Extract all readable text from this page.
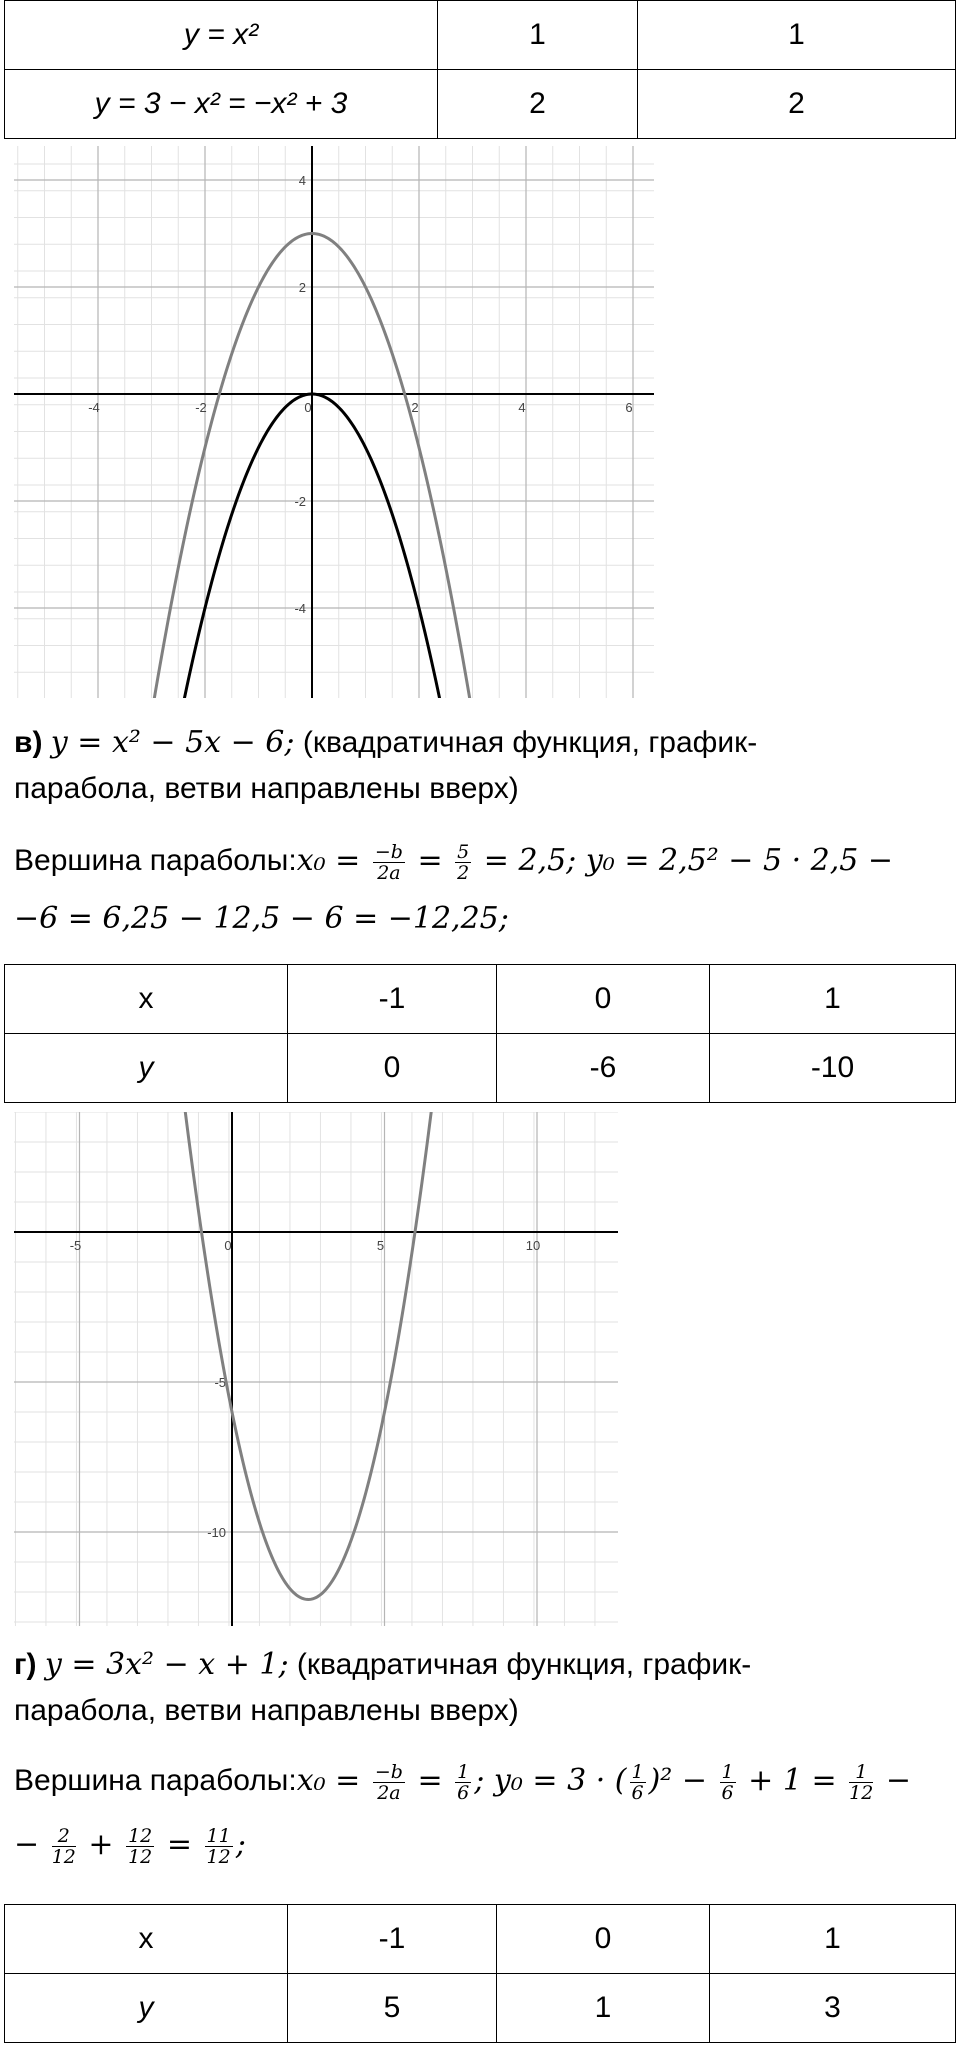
y = x²	1	1
y = 3 − x² = −x² + 3	2	2
-4	-2	0	2	4	6
4
2
-2
-4
в) y = x² − 5x − 6; (квадратичная функция, график-
парабола, ветви направлены вверх)
Вершина параболы:x₀ = $\frac{-b}{2a} = \frac{5}{2} = 2,5$; y₀ = 2,5² − 5 · 2,5 −
−6 = 6,25 − 12,5 − 6 = −12,25;
x	-1	0	1
y	0	-6	-10
-5	0	5	10
-5
-10
г) y = 3x² − x + 1; (квадратичная функция, график-
парабола, ветви направлены вверх)
Вершина параболы:x₀ = $\frac{-b}{2a} = \frac{1}{6}$ ; y₀ = 3 · ( $\frac{1}{6} )^2 - \frac{1}{6} + 1 = \frac{1}{12}$ −
− $\frac{2}{12} + \frac{12}{12} = \frac{11}{12}$ ;
x	-1	0	1
y	5	1	3
